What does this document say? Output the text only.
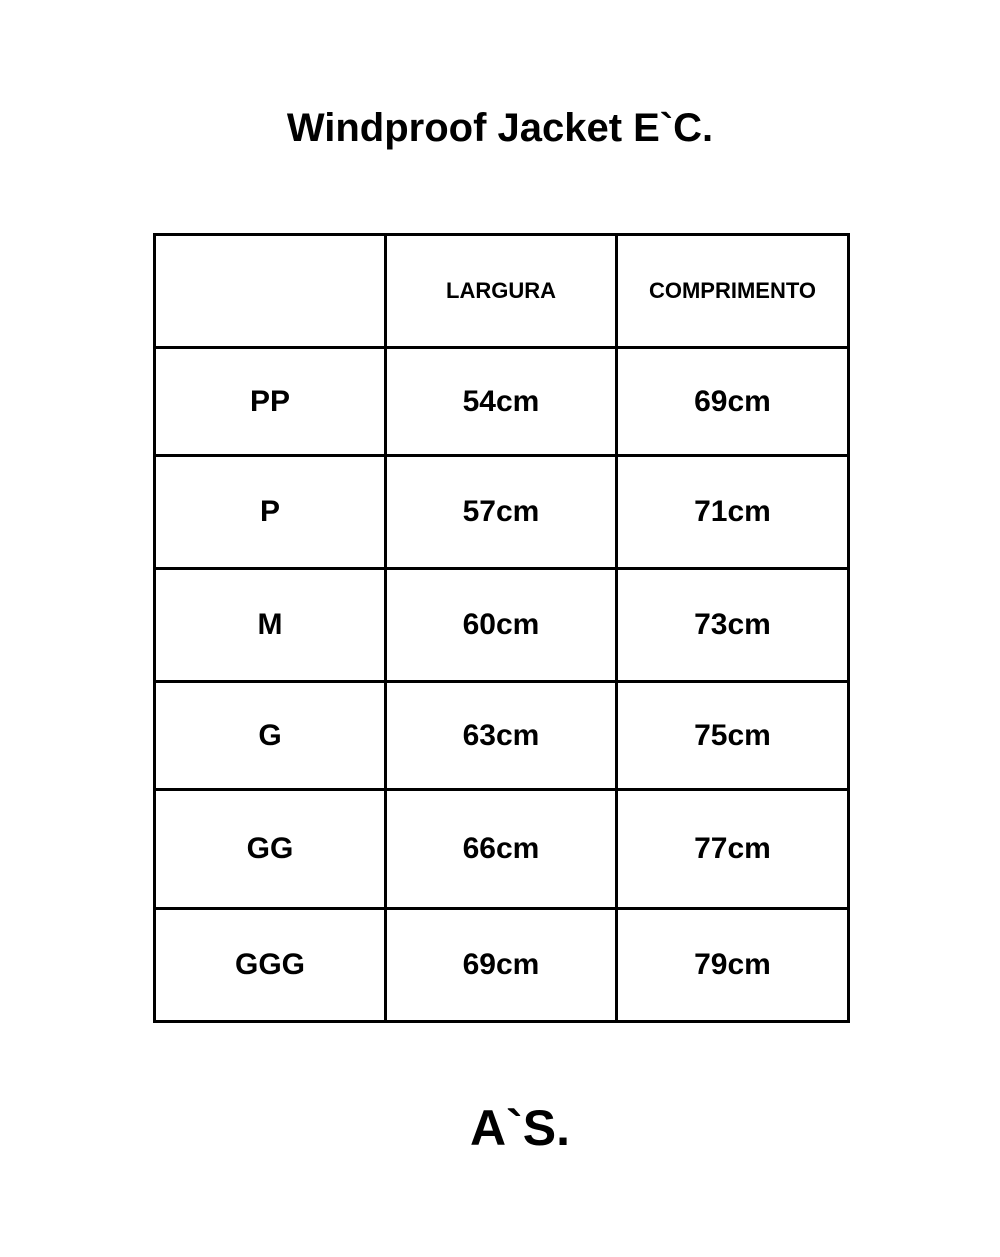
Windproof Jacket E`C.
	LARGURA	COMPRIMENTO
PP	54cm	69cm
P	57cm	71cm
M	60cm	73cm
G	63cm	75cm
GG	66cm	77cm
GGG	69cm	79cm
A`S.
